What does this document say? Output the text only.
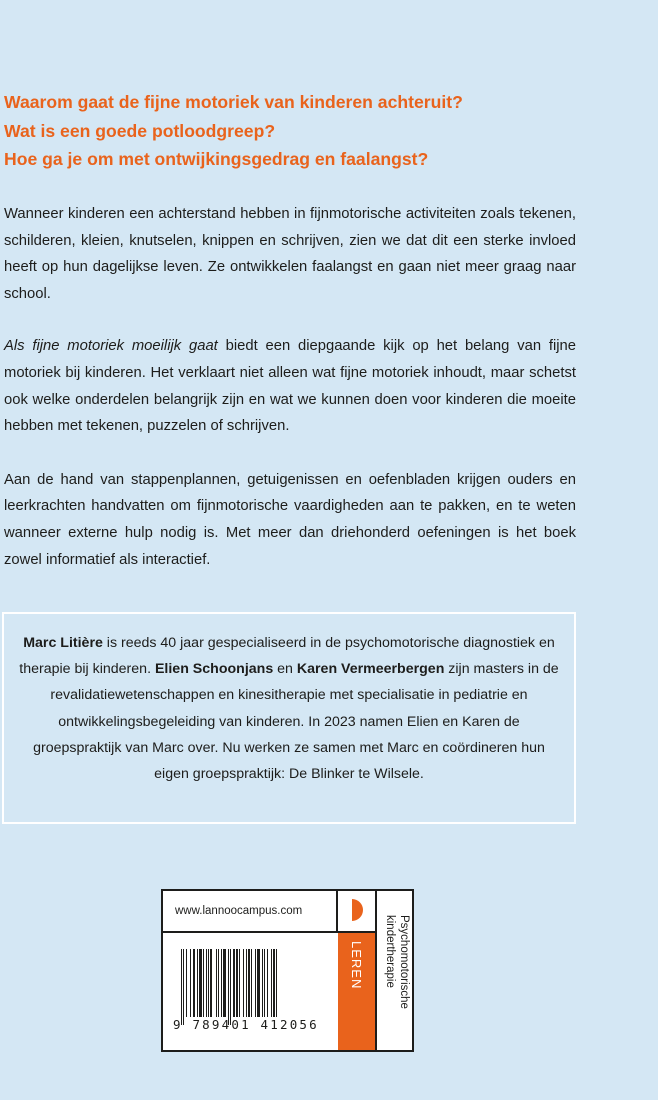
Waarom gaat de fijne motoriek van kinderen achteruit?
Wat is een goede potloodgreep?
Hoe ga je om met ontwijkingsgedrag en faalangst?

Wanneer kinderen een achterstand hebben in fijnmotorische activiteiten zoals tekenen, schilderen, kleien, knutselen, knippen en schrijven, zien we dat dit een sterke invloed heeft op hun dagelijkse leven. Ze ontwikkelen faalangst en gaan niet meer graag naar school.

Als fijne motoriek moeilijk gaat biedt een diepgaande kijk op het belang van fijne motoriek bij kinderen. Het verklaart niet alleen wat fijne motoriek inhoudt, maar schetst ook welke onderdelen belangrijk zijn en wat we kunnen doen voor kinderen die moeite hebben met tekenen, puzzelen of schrijven.

Aan de hand van stappenplannen, getuigenissen en oefenbladen krijgen ouders en leerkrachten handvatten om fijnmotorische vaardigheden aan te pakken, en te weten wanneer externe hulp nodig is. Met meer dan driehonderd oefeningen is het boek zowel informatief als interactief.

Marc Litière is reeds 40 jaar gespecialiseerd in de psychomotorische diagnostiek en therapie bij kinderen. Elien Schoonjans en Karen Vermeerbergen zijn masters in de revalidatiewetenschappen en kinesitherapie met specialisatie in pediatrie en ontwikkelingsbegeleiding van kinderen. In 2023 namen Elien en Karen de groepspraktijk van Marc over. Nu werken ze samen met Marc en coördineren hun eigen groepspraktijk: De Blinker te Wilsele.
www.lannoocampus.com
LEREN	Psychomotorische kindertherapie
9 789401 412056
